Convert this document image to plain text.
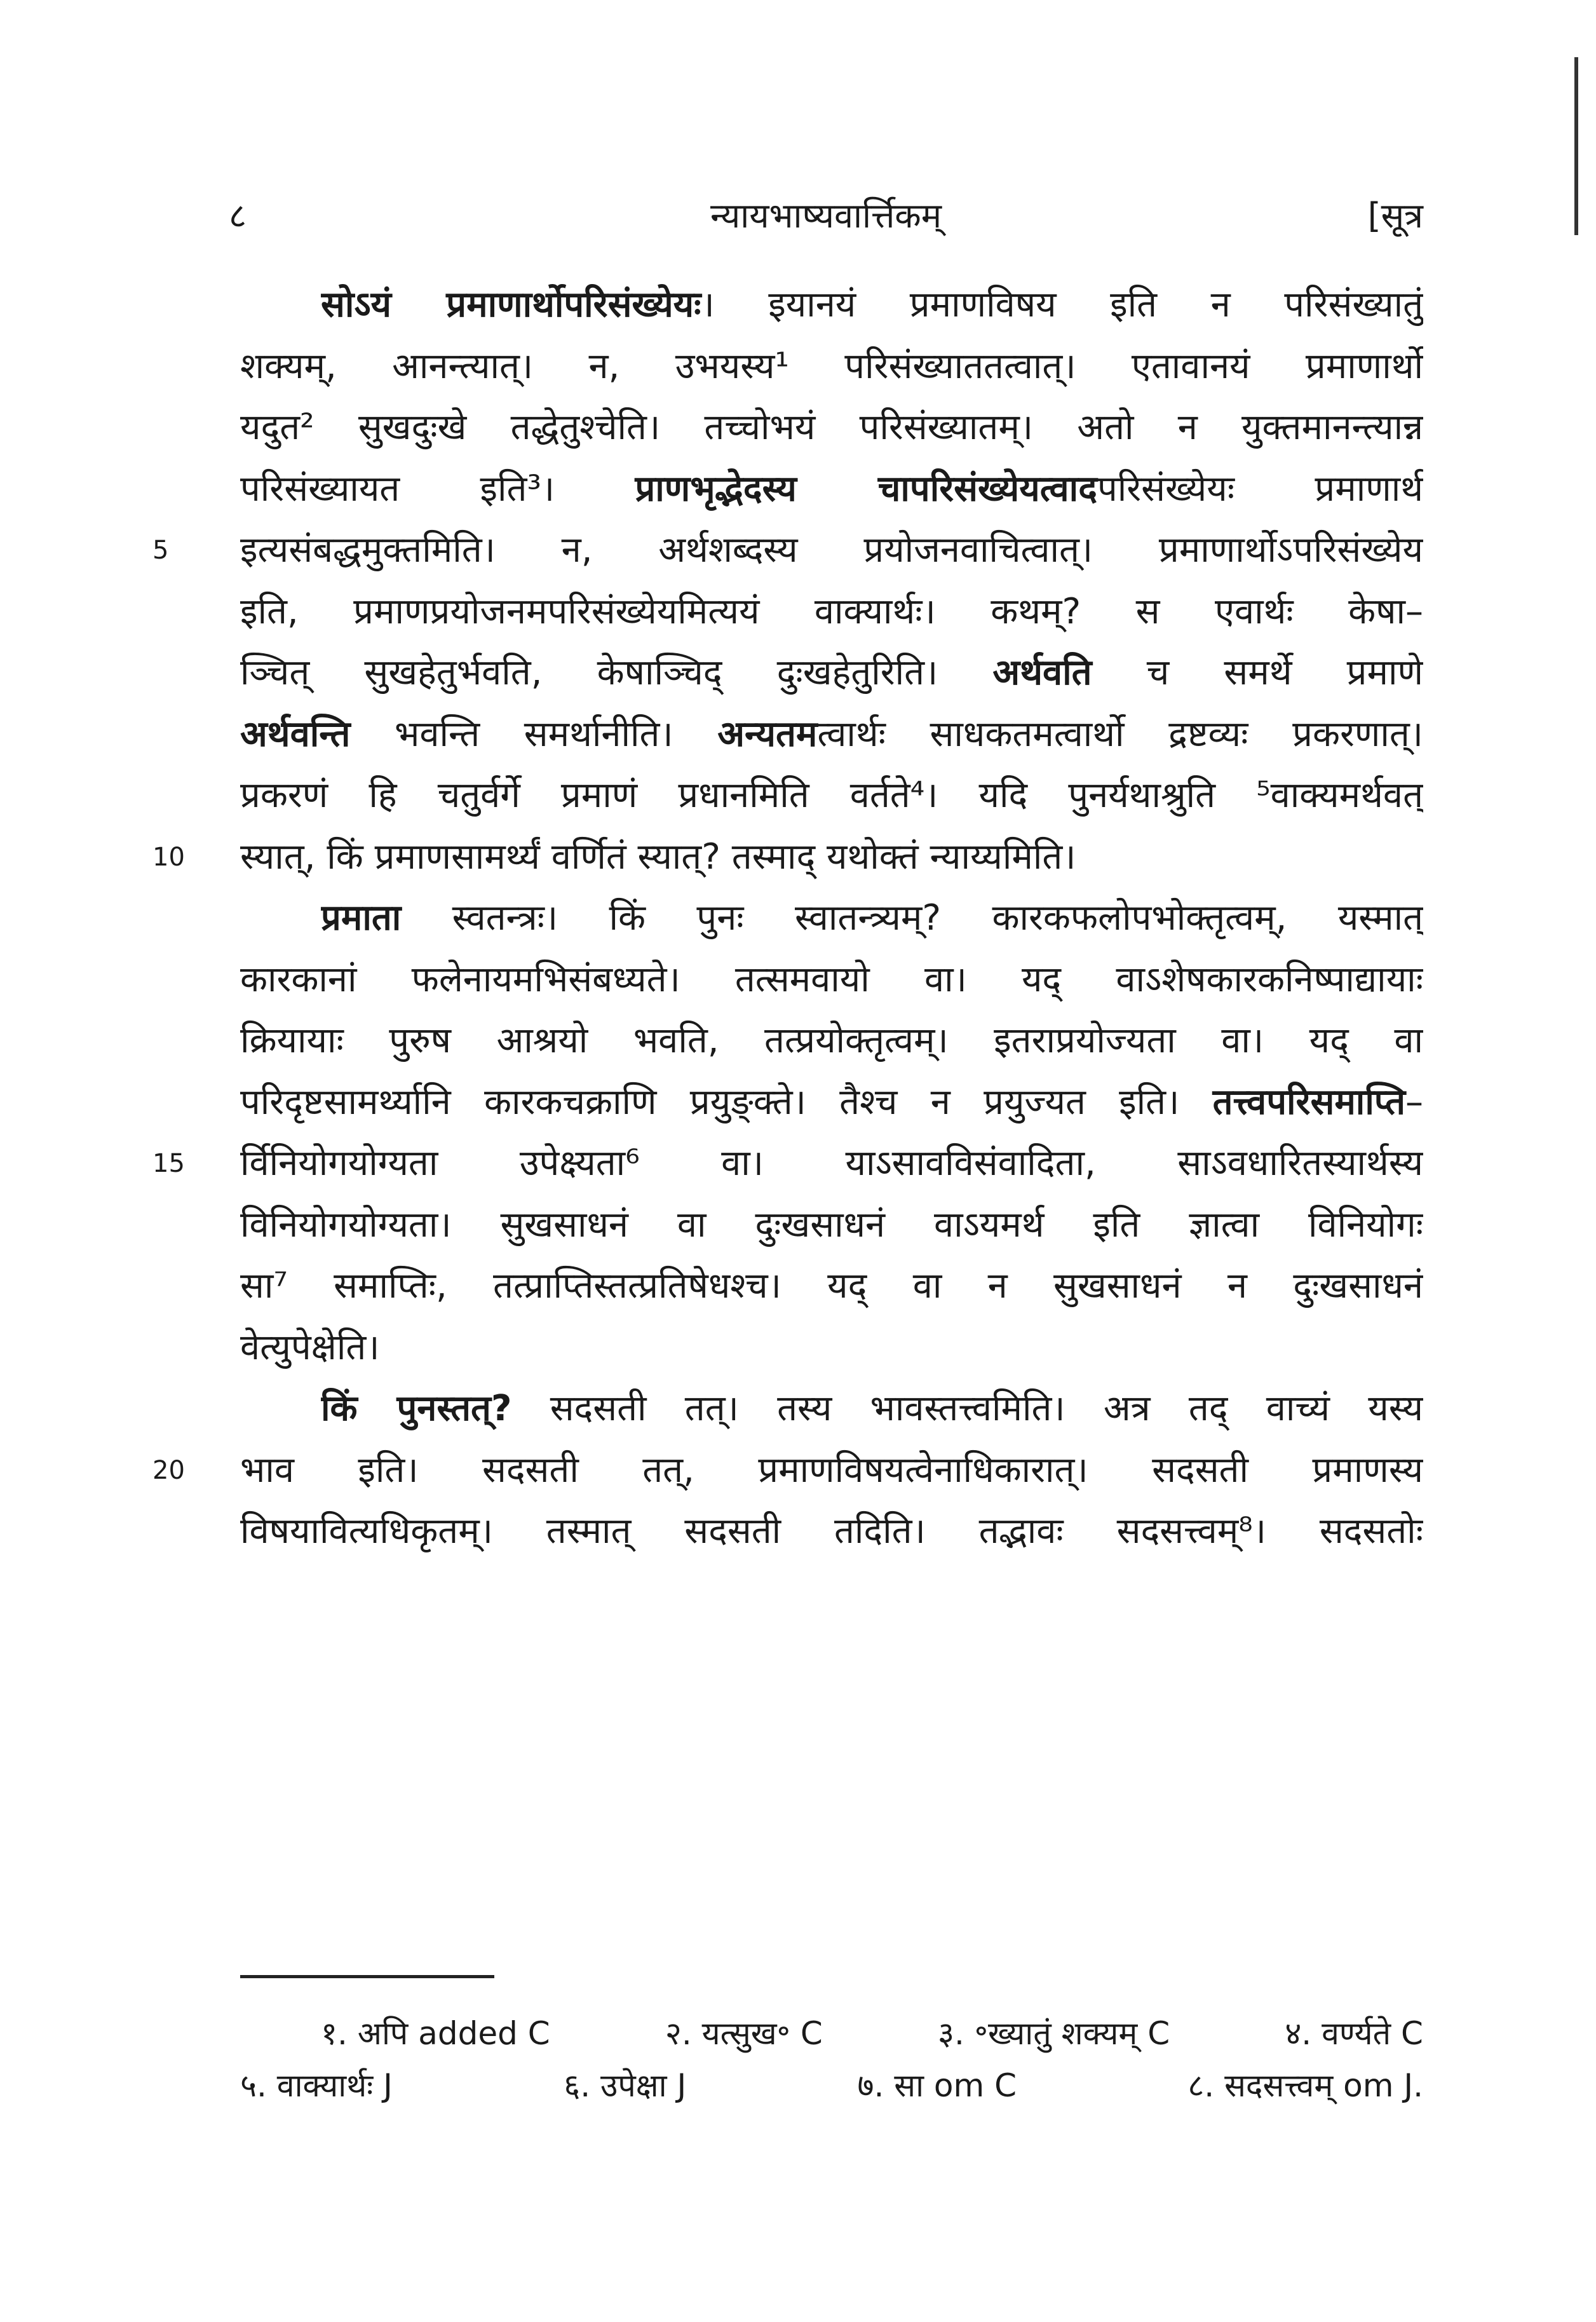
८	न्यायभाष्यवार्त्तिकम्	[सूत्र
सोऽयं प्रमाणार्थोपरिसंख्येयः। इयानयं प्रमाणविषय इति न परिसंख्यातुं
शक्यम्, आनन्त्यात्। न, उभयस्य¹ परिसंख्याततत्वात्। एतावानयं प्रमाणार्थो
यदुत² सुखदुःखे तद्धेतुश्चेति। तच्चोभयं परिसंख्यातम्। अतो न युक्तमानन्त्यान्न
परिसंख्यायत इति³। प्राणभृद्भेदस्य चापरिसंख्येयत्वादपरिसंख्येयः प्रमाणार्थ
इत्यसंबद्धमुक्तमिति। न, अर्थशब्दस्य प्रयोजनवाचित्वात्। प्रमाणार्थोऽपरिसंख्येय
इति, प्रमाणप्रयोजनमपरिसंख्येयमित्ययं वाक्यार्थः। कथम्? स एवार्थः केषा–
ञ्चित् सुखहेतुर्भवति, केषाञ्चिद् दुःखहेतुरिति। अर्थवति च समर्थे प्रमाणे
अर्थवन्ति भवन्ति समर्थानीति। अन्यतमत्वार्थः साधकतमत्वार्थो द्रष्टव्यः प्रकरणात्।
प्रकरणं हि चतुर्वर्गे प्रमाणं प्रधानमिति वर्तते⁴। यदि पुनर्यथाश्रुति ⁵वाक्यमर्थवत्
स्यात्, किं प्रमाणसामर्थ्यं वर्णितं स्यात्? तस्माद् यथोक्तं न्याय्यमिति।
प्रमाता स्वतन्त्रः। किं पुनः स्वातन्त्र्यम्? कारकफलोपभोक्तृत्वम्, यस्मात्
कारकानां फलेनायमभिसंबध्यते। तत्समवायो वा। यद् वाऽशेषकारकनिष्पाद्यायाः
क्रियायाः पुरुष आश्रयो भवति, तत्प्रयोक्तृत्वम्। इतराप्रयोज्यता वा। यद् वा
परिदृष्टसामर्थ्यानि कारकचक्राणि प्रयुङ्क्ते। तैश्च न प्रयुज्यत इति। तत्त्वपरिसमाप्ति–
र्विनियोगयोग्यता उपेक्ष्यता⁶ वा। याऽसावविसंवादिता, साऽवधारितस्यार्थस्य
विनियोगयोग्यता। सुखसाधनं वा दुःखसाधनं वाऽयमर्थ इति ज्ञात्वा विनियोगः
सा⁷ समाप्तिः, तत्प्राप्तिस्तत्प्रतिषेधश्च। यद् वा न सुखसाधनं न दुःखसाधनं
वेत्युपेक्षेति।
किं पुनस्तत्? सदसती तत्। तस्य भावस्तत्त्वमिति। अत्र तद् वाच्यं यस्य
भाव इति। सदसती तत्, प्रमाणविषयत्वेनाधिकारात्। सदसती प्रमाणस्य
विषयावित्यधिकृतम्। तस्मात् सदसती तदिति। तद्भावः सदसत्त्वम्⁸। सदसतोः
5
10
15
20
१. अपि added C	२. यत्सुख॰ C	३. ॰ख्यातुं शक्यम् C	४. वर्ण्यते C
५. वाक्यार्थः J	६. उपेक्षा J	७. सा om C	८. सदसत्त्वम् om J.
